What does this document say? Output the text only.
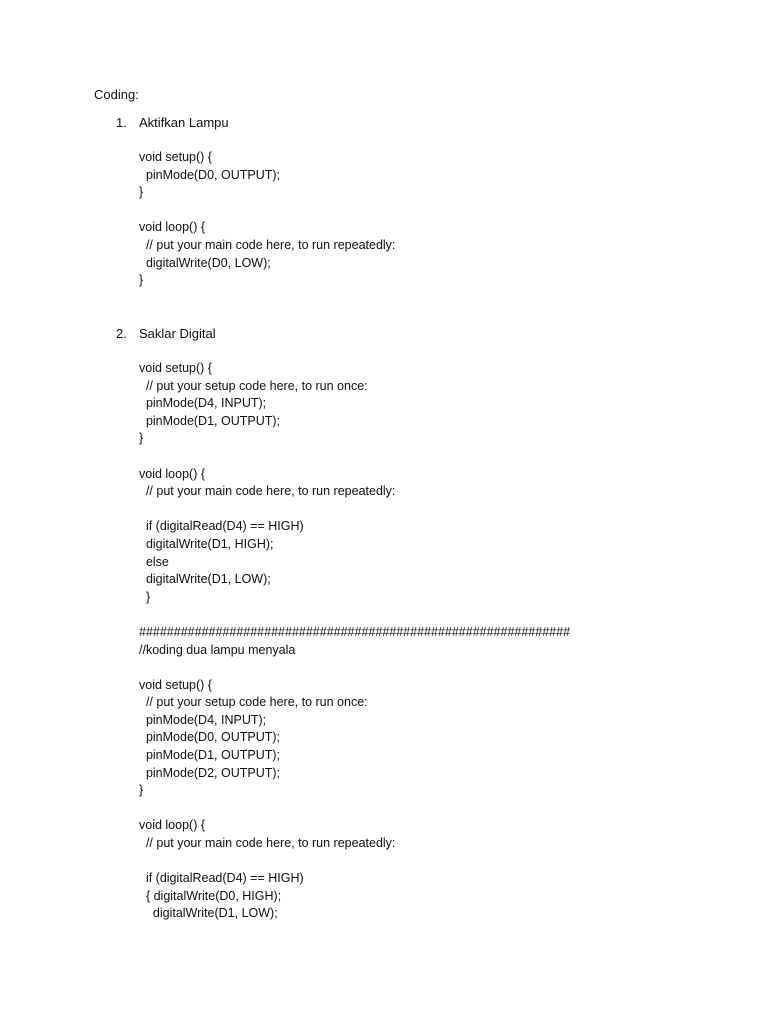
Coding:
1. Aktifkan Lampu
void setup() {
pinMode(D0, OUTPUT);
}
void loop() {
// put your main code here, to run repeatedly:
digitalWrite(D0, LOW);
}
2. Saklar Digital
void setup() {
// put your setup code here, to run once:
pinMode(D4, INPUT);
pinMode(D1, OUTPUT);
}
void loop() {
// put your main code here, to run repeatedly:
if (digitalRead(D4) == HIGH)
digitalWrite(D1, HIGH);
else
digitalWrite(D1, LOW);
}
##############################################################
//koding dua lampu menyala
void setup() {
// put your setup code here, to run once:
pinMode(D4, INPUT);
pinMode(D0, OUTPUT);
pinMode(D1, OUTPUT);
pinMode(D2, OUTPUT);
}
void loop() {
// put your main code here, to run repeatedly:
if (digitalRead(D4) == HIGH)
{ digitalWrite(D0, HIGH);
digitalWrite(D1, LOW);
